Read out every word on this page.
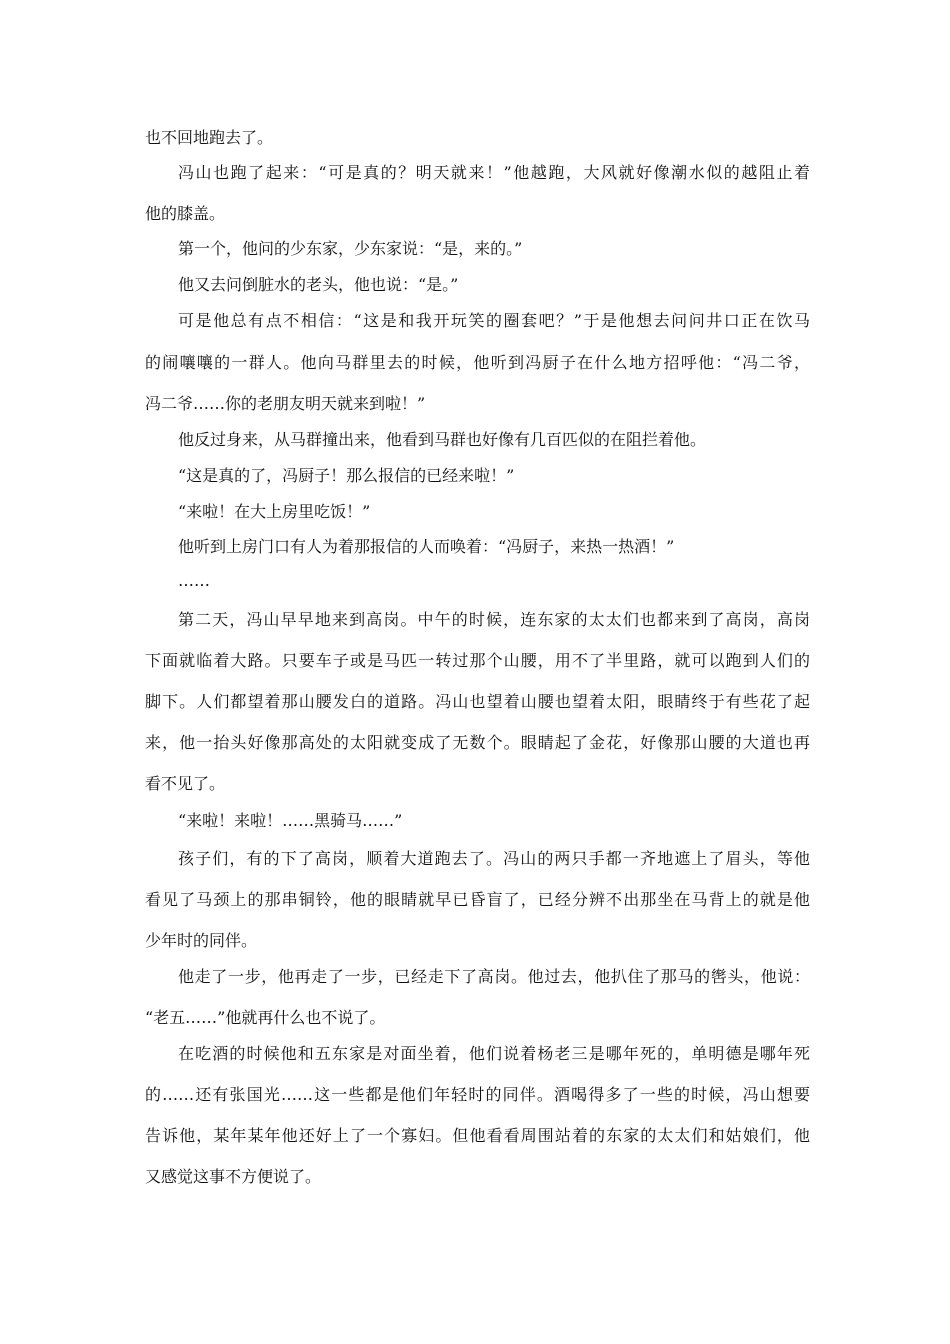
也不回地跑去了。
冯山也跑了起来：“可是真的？明天就来！”他越跑，大风就好像潮水似的越阻止着
他的膝盖。
第一个，他问的少东家，少东家说：“是，来的。”
他又去问倒脏水的老头，他也说：“是。”
可是他总有点不相信：“这是和我开玩笑的圈套吧？”于是他想去问问井口正在饮马
的闹嚷嚷的一群人。他向马群里去的时候，他听到冯厨子在什么地方招呼他：“冯二爷，
冯二爷……你的老朋友明天就来到啦！”
他反过身来，从马群撞出来，他看到马群也好像有几百匹似的在阻拦着他。
“这是真的了，冯厨子！那么报信的已经来啦！”
“来啦！在大上房里吃饭！”
他听到上房门口有人为着那报信的人而唤着：“冯厨子，来热一热酒！”
……
第二天，冯山早早地来到高岗。中午的时候，连东家的太太们也都来到了高岗，高岗
下面就临着大路。只要车子或是马匹一转过那个山腰，用不了半里路，就可以跑到人们的
脚下。人们都望着那山腰发白的道路。冯山也望着山腰也望着太阳，眼睛终于有些花了起
来，他一抬头好像那高处的太阳就变成了无数个。眼睛起了金花，好像那山腰的大道也再
看不见了。
“来啦！来啦！……黑骑马……”
孩子们，有的下了高岗，顺着大道跑去了。冯山的两只手都一齐地遮上了眉头，等他
看见了马颈上的那串铜铃，他的眼睛就早已昏盲了，已经分辨不出那坐在马背上的就是他
少年时的同伴。
他走了一步，他再走了一步，已经走下了高岗。他过去，他扒住了那马的辔头，他说：
“老五……”他就再什么也不说了。
在吃酒的时候他和五东家是对面坐着，他们说着杨老三是哪年死的，单明德是哪年死
的……还有张国光……这一些都是他们年轻时的同伴。酒喝得多了一些的时候，冯山想要
告诉他，某年某年他还好上了一个寡妇。但他看看周围站着的东家的太太们和姑娘们，他
又感觉这事不方便说了。
